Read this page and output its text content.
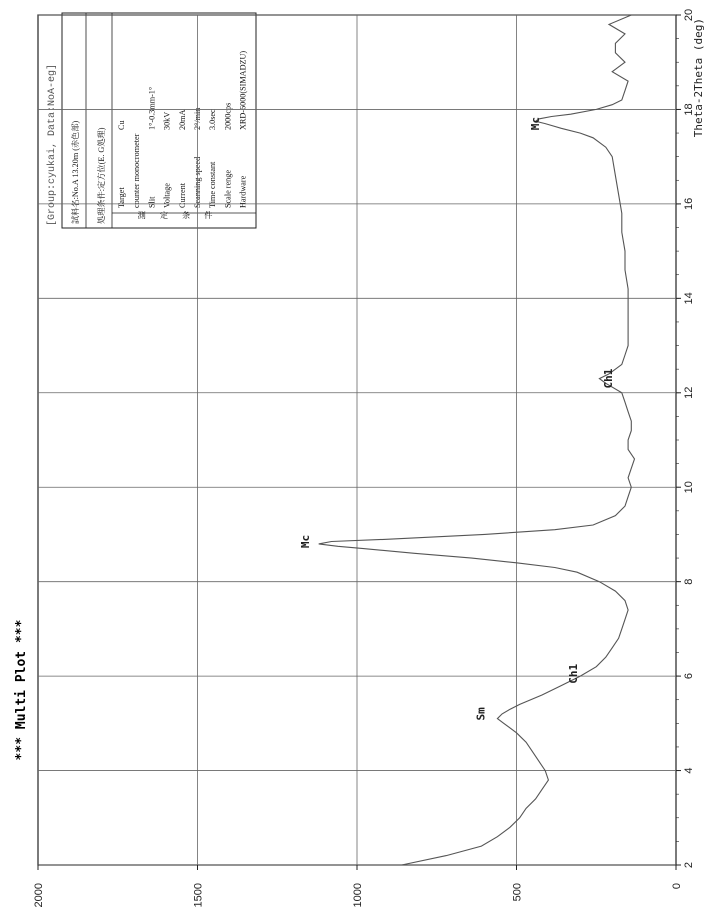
*** Multi Plot ***
[Group:cyukai, Data:NoA-eg] 試料名:No.A 13.20m (赤色部) 処理条件:定方位(E. G処理)	測定条件
Target
Cu
counter monocrometer Slit
1°-0.3mm-1°
Voltage
30kV
Current
20mA
Scanning speed
2°/min
Time constant
3.0sec
Scale renge
2000cps
Hardware
XRD-6000(SIMADZU)
2
4
6
8
10
12
14
16
18
20
0
500
1000
1500
2000
Mc
Sm
Ch1
Ch1
Mc	Theta-2Theta (deg)
